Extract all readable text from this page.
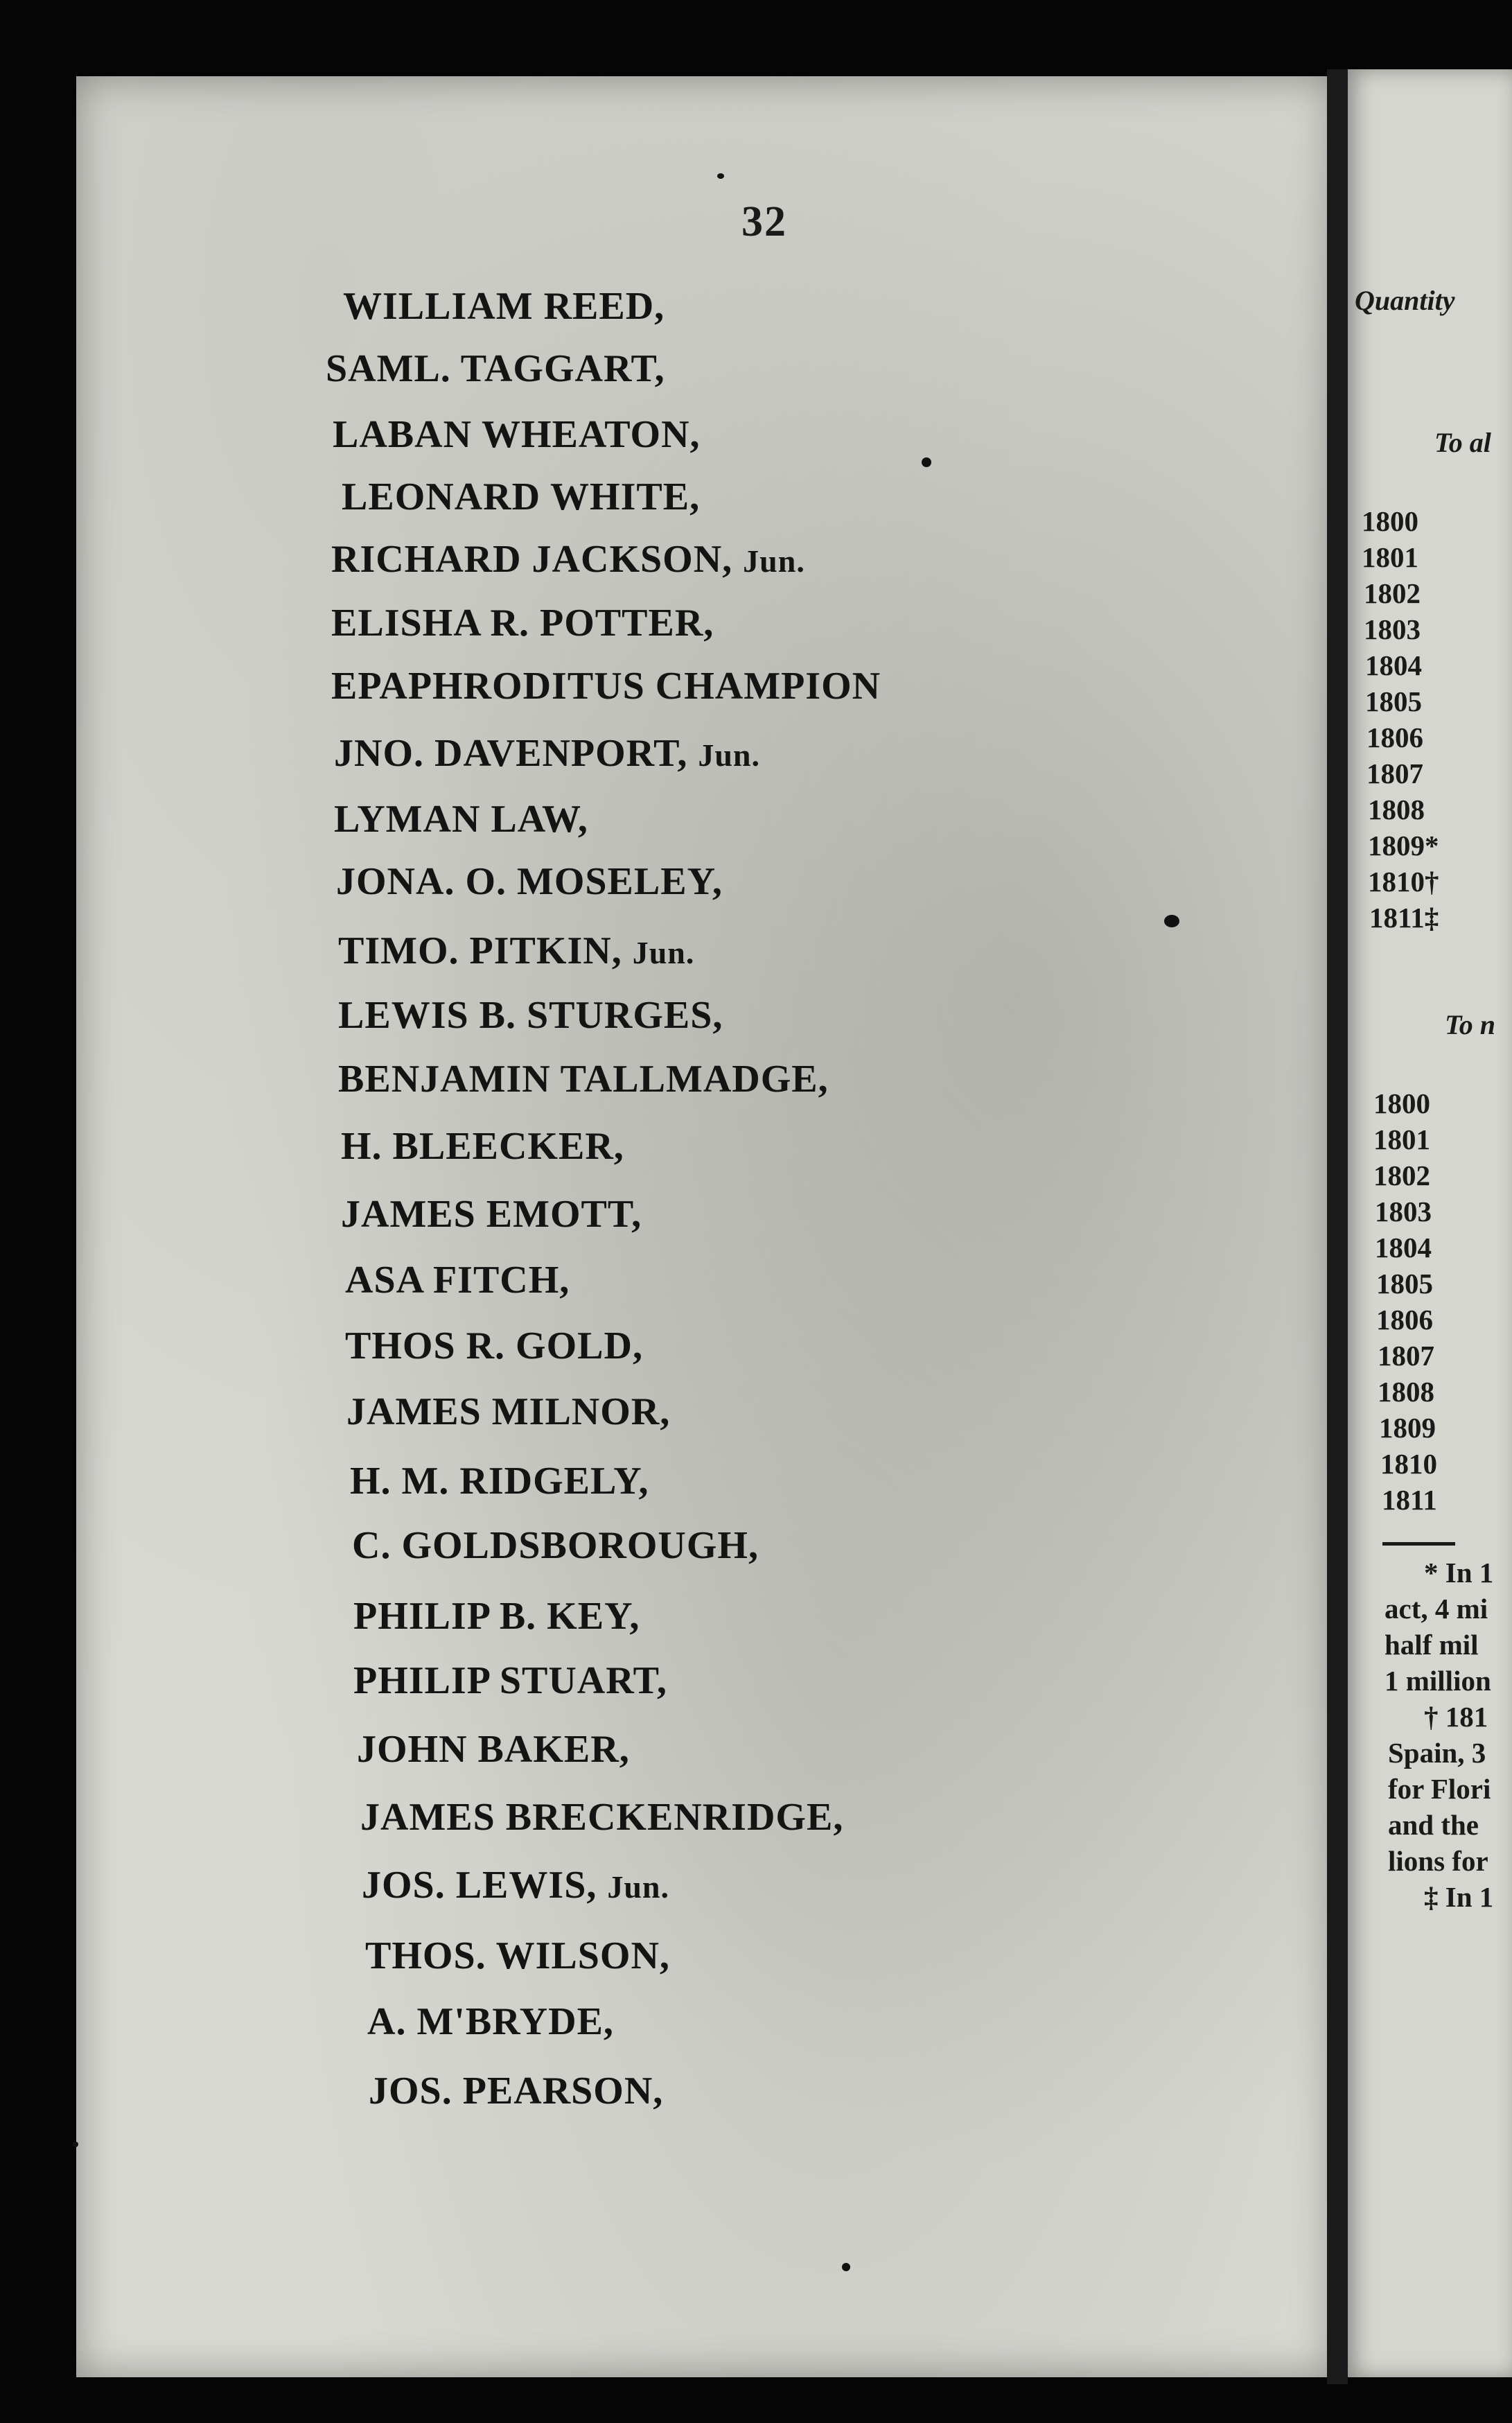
32
WILLIAM REED,
SAML. TAGGART,
LABAN WHEATON,
LEONARD WHITE,
RICHARD JACKSON, Jun.
ELISHA R. POTTER,
EPAPHRODITUS CHAMPION
JNO. DAVENPORT, Jun.
LYMAN LAW,
JONA. O. MOSELEY,
TIMO. PITKIN, Jun.
LEWIS B. STURGES,
BENJAMIN TALLMADGE,
H. BLEECKER,
JAMES EMOTT,
ASA FITCH,
THOS R. GOLD,
JAMES MILNOR,
H. M. RIDGELY,
C. GOLDSBOROUGH,
PHILIP B. KEY,
PHILIP STUART,
JOHN BAKER,
JAMES BRECKENRIDGE,
JOS. LEWIS, Jun.
THOS. WILSON,
A. M'BRYDE,
JOS. PEARSON,
Quantity
To al
1800
1801
1802
1803
1804
1805
1806
1807
1808
1809*
1810†
1811‡
To n
1800
1801
1802
1803
1804
1805
1806
1807
1808
1809
1810
1811
* In 1
act, 4 mi
half mil
1 million
† 181
Spain, 3
for Flori
and the
lions for
‡ In 1
